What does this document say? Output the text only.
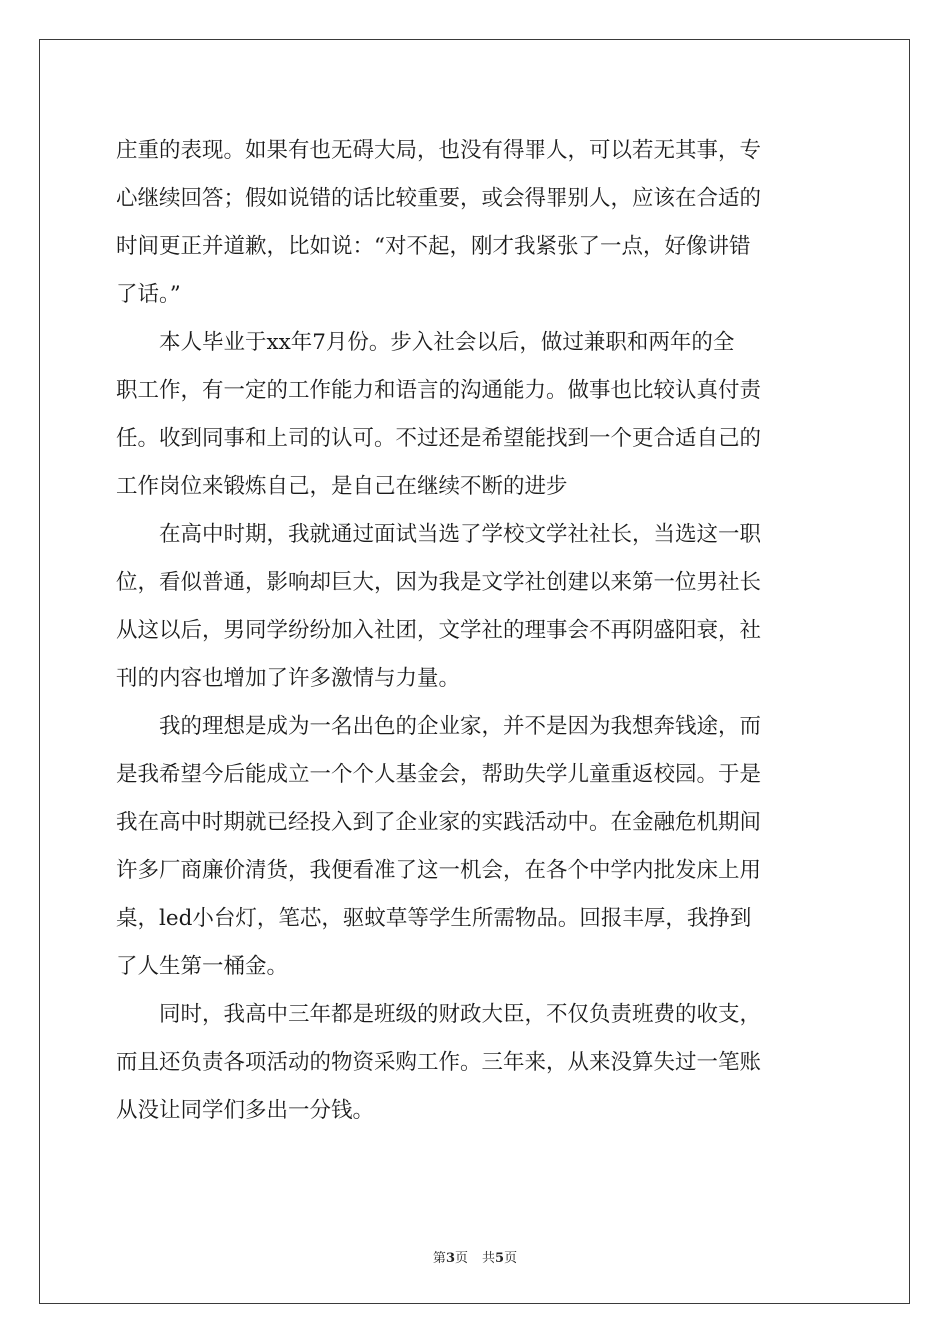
庄重的表现。如果有也无碍大局，也没有得罪人，可以若无其事，专
心继续回答；假如说错的话比较重要，或会得罪别人，应该在合适的
时间更正并道歉，比如说：“对不起，刚才我紧张了一点，好像讲错
了话。”
　　本人毕业于xx年7月份。步入社会以后，做过兼职和两年的全
职工作，有一定的工作能力和语言的沟通能力。做事也比较认真付责
任。收到同事和上司的认可。不过还是希望能找到一个更合适自己的
工作岗位来锻炼自己，是自己在继续不断的进步
　　在高中时期，我就通过面试当选了学校文学社社长，当选这一职
位，看似普通，影响却巨大，因为我是文学社创建以来第一位男社长
从这以后，男同学纷纷加入社团，文学社的理事会不再阴盛阳衰，社
刊的内容也增加了许多激情与力量。
　　我的理想是成为一名出色的企业家，并不是因为我想奔钱途，而
是我希望今后能成立一个个人基金会，帮助失学儿童重返校园。于是
我在高中时期就已经投入到了企业家的实践活动中。在金融危机期间
许多厂商廉价清货，我便看准了这一机会，在各个中学内批发床上用
桌，led小台灯，笔芯，驱蚊草等学生所需物品。回报丰厚，我挣到
了人生第一桶金。
　　同时，我高中三年都是班级的财政大臣，不仅负责班费的收支，
而且还负责各项活动的物资采购工作。三年来，从来没算失过一笔账
从没让同学们多出一分钱。
第3页 共5页
